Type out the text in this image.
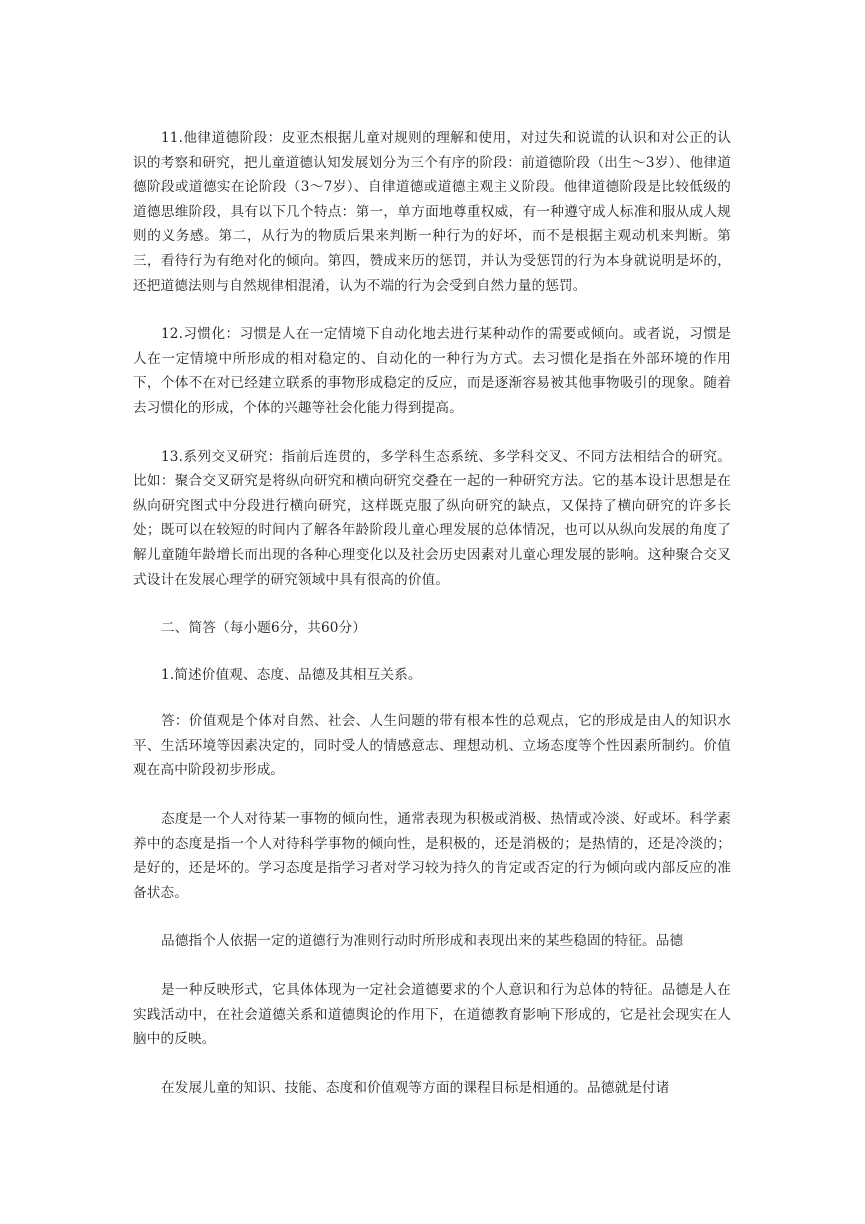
11.他律道德阶段：皮亚杰根据儿童对规则的理解和使用，对过失和说谎的认识和对公正的认识的考察和研究，把儿童道德认知发展划分为三个有序的阶段：前道德阶段（出生～3岁）、他律道德阶段或道德实在论阶段（3～7岁）、自律道德或道德主观主义阶段。他律道德阶段是比较低级的道德思维阶段，具有以下几个特点：第一，单方面地尊重权威，有一种遵守成人标准和服从成人规则的义务感。第二，从行为的物质后果来判断一种行为的好坏，而不是根据主观动机来判断。第三，看待行为有绝对化的倾向。第四，赞成来历的惩罚，并认为受惩罚的行为本身就说明是坏的，还把道德法则与自然规律相混淆，认为不端的行为会受到自然力量的惩罚。

12.习惯化：习惯是人在一定情境下自动化地去进行某种动作的需要或倾向。或者说，习惯是人在一定情境中所形成的相对稳定的、自动化的一种行为方式。去习惯化是指在外部环境的作用下，个体不在对已经建立联系的事物形成稳定的反应，而是逐渐容易被其他事物吸引的现象。随着去习惯化的形成，个体的兴趣等社会化能力得到提高。

13.系列交叉研究：指前后连贯的，多学科生态系统、多学科交叉、不同方法相结合的研究。比如：聚合交叉研究是将纵向研究和横向研究交叠在一起的一种研究方法。它的基本设计思想是在纵向研究图式中分段进行横向研究，这样既克服了纵向研究的缺点，又保持了横向研究的许多长处；既可以在较短的时间内了解各年龄阶段儿童心理发展的总体情况，也可以从纵向发展的角度了解儿童随年龄增长而出现的各种心理变化以及社会历史因素对儿童心理发展的影响。这种聚合交叉式设计在发展心理学的研究领域中具有很高的价值。

二、简答（每小题6分，共60分）

1.简述价值观、态度、品德及其相互关系。

答：价值观是个体对自然、社会、人生问题的带有根本性的总观点，它的形成是由人的知识水平、生活环境等因素决定的，同时受人的情感意志、理想动机、立场态度等个性因素所制约。价值观在高中阶段初步形成。

态度是一个人对待某一事物的倾向性，通常表现为积极或消极、热情或冷淡、好或坏。科学素养中的态度是指一个人对待科学事物的倾向性，是积极的，还是消极的；是热情的，还是冷淡的；是好的，还是坏的。学习态度是指学习者对学习较为持久的肯定或否定的行为倾向或内部反应的准备状态。

品德指个人依据一定的道德行为准则行动时所形成和表现出来的某些稳固的特征。品德

是一种反映形式，它具体体现为一定社会道德要求的个人意识和行为总体的特征。品德是人在实践活动中，在社会道德关系和道德舆论的作用下，在道德教育影响下形成的，它是社会现实在人脑中的反映。

在发展儿童的知识、技能、态度和价值观等方面的课程目标是相通的。品德就是付诸
